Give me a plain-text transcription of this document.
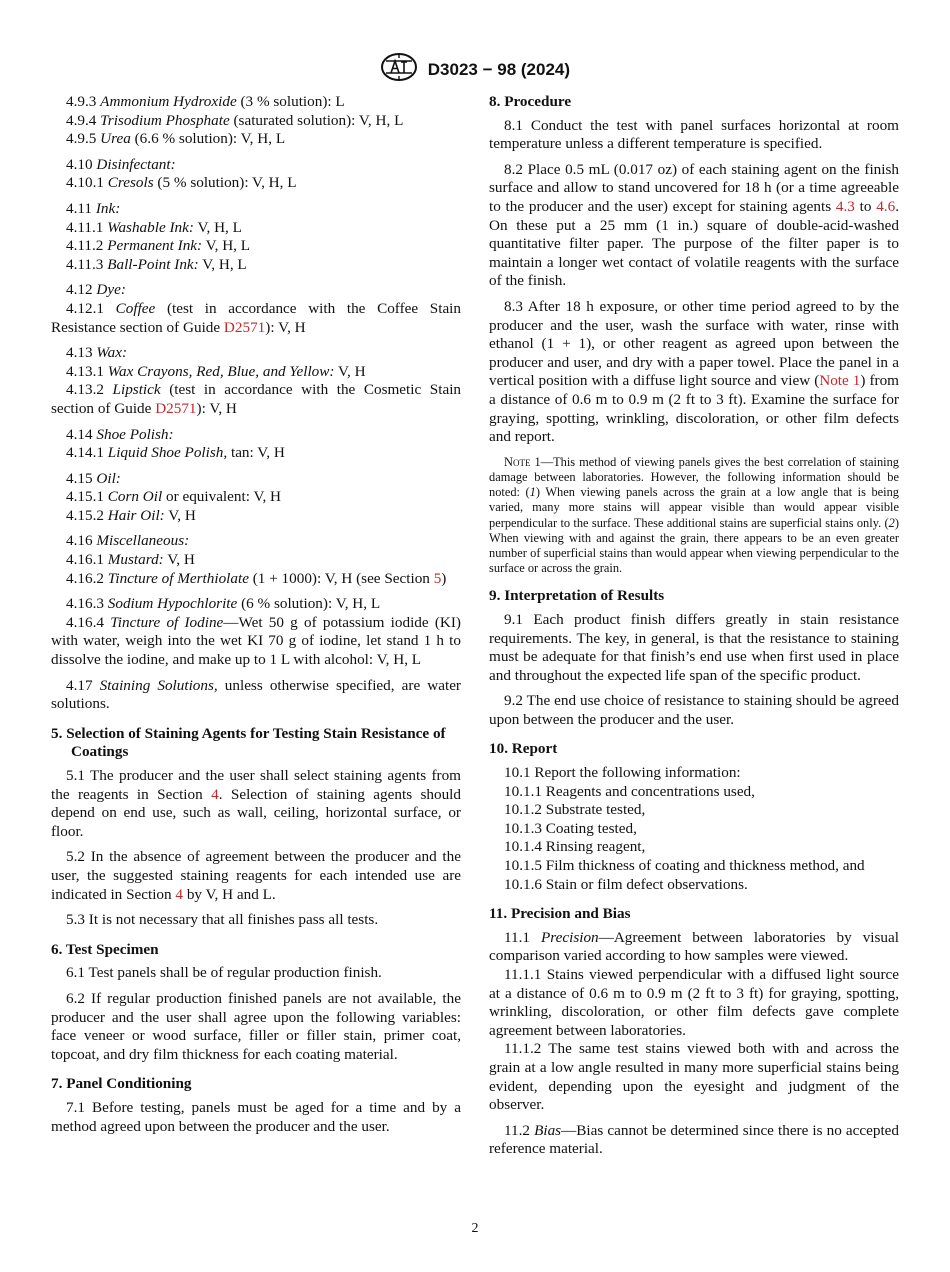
D3023 − 98 (2024)

4.9.3 Ammonium Hydroxide (3 % solution): L

4.9.4 Trisodium Phosphate (saturated solution): V, H, L

4.9.5 Urea (6.6 % solution): V, H, L

4.10 Disinfectant:

4.10.1 Cresols (5 % solution): V, H, L

4.11 Ink:

4.11.1 Washable Ink: V, H, L

4.11.2 Permanent Ink: V, H, L

4.11.3 Ball-Point Ink: V, H, L

4.12 Dye:

4.12.1 Coffee (test in accordance with the Coffee Stain Resistance section of Guide D2571): V, H

4.13 Wax:

4.13.1 Wax Crayons, Red, Blue, and Yellow: V, H

4.13.2 Lipstick (test in accordance with the Cosmetic Stain section of Guide D2571): V, H

4.14 Shoe Polish:

4.14.1 Liquid Shoe Polish, tan: V, H

4.15 Oil:

4.15.1 Corn Oil or equivalent: V, H

4.15.2 Hair Oil: V, H

4.16 Miscellaneous:

4.16.1 Mustard: V, H

4.16.2 Tincture of Merthiolate (1 + 1000): V, H (see Section 5)

4.16.3 Sodium Hypochlorite (6 % solution): V, H, L

4.16.4 Tincture of Iodine—Wet 50 g of potassium iodide (KI) with water, weigh into the wet KI 70 g of iodine, let stand 1 h to dissolve the iodine, and make up to 1 L with alcohol: V, H, L

4.17 Staining Solutions, unless otherwise specified, are water solutions.

5. Selection of Staining Agents for Testing Stain Resistance of Coatings

5.1 The producer and the user shall select staining agents from the reagents in Section 4. Selection of staining agents should depend on end use, such as wall, ceiling, horizontal surface, or floor.

5.2 In the absence of agreement between the producer and the user, the suggested staining reagents for each intended use are indicated in Section 4 by V, H and L.

5.3 It is not necessary that all finishes pass all tests.

6. Test Specimen

6.1 Test panels shall be of regular production finish.

6.2 If regular production finished panels are not available, the producer and the user shall agree upon the following variables: face veneer or wood surface, filler or filler stain, primer coat, topcoat, and dry film thickness for each coating material.

7. Panel Conditioning

7.1 Before testing, panels must be aged for a time and by a method agreed upon between the producer and the user.

8. Procedure

8.1 Conduct the test with panel surfaces horizontal at room temperature unless a different temperature is specified.

8.2 Place 0.5 mL (0.017 oz) of each staining agent on the finish surface and allow to stand uncovered for 18 h (or a time agreeable to the producer and the user) except for staining agents 4.3 to 4.6. On these put a 25 mm (1 in.) square of double-acid-washed quantitative filter paper. The purpose of the filter paper is to maintain a longer wet contact of volatile reagents with the surface of the finish.

8.3 After 18 h exposure, or other time period agreed to by the producer and the user, wash the surface with water, rinse with ethanol (1 + 1), or other reagent as agreed upon between the producer and user, and dry with a paper towel. Place the panel in a vertical position with a diffuse light source and view (Note 1) from a distance of 0.6 m to 0.9 m (2 ft to 3 ft). Examine the surface for graying, spotting, wrinkling, discoloration, or other film defects and report.

Note 1—This method of viewing panels gives the best correlation of staining damage between laboratories. However, the following information should be noted: (1) When viewing panels across the grain at a low angle that is being varied, many more stains will appear visible than would appear visible perpendicular to the surface. These additional stains are superficial stains only. (2) When viewing with and against the grain, there appears to be an even greater number of superficial stains than would appear when viewing perpendicular to the surface or across the grain.

9. Interpretation of Results

9.1 Each product finish differs greatly in stain resistance requirements. The key, in general, is that the resistance to staining must be adequate for that finish’s end use when first used in place and throughout the expected life span of the specific product.

9.2 The end use choice of resistance to staining should be agreed upon between the producer and the user.

10. Report

10.1 Report the following information:

10.1.1 Reagents and concentrations used,

10.1.2 Substrate tested,

10.1.3 Coating tested,

10.1.4 Rinsing reagent,

10.1.5 Film thickness of coating and thickness method, and

10.1.6 Stain or film defect observations.

11. Precision and Bias

11.1 Precision—Agreement between laboratories by visual comparison varied according to how samples were viewed.

11.1.1 Stains viewed perpendicular with a diffused light source at a distance of 0.6 m to 0.9 m (2 ft to 3 ft) for graying, spotting, wrinkling, discoloration, or other film defects gave complete agreement between laboratories.

11.1.2 The same test stains viewed both with and across the grain at a low angle resulted in many more superficial stains being evident, depending upon the eyesight and judgment of the observer.

11.2 Bias—Bias cannot be determined since there is no accepted reference material.

2
